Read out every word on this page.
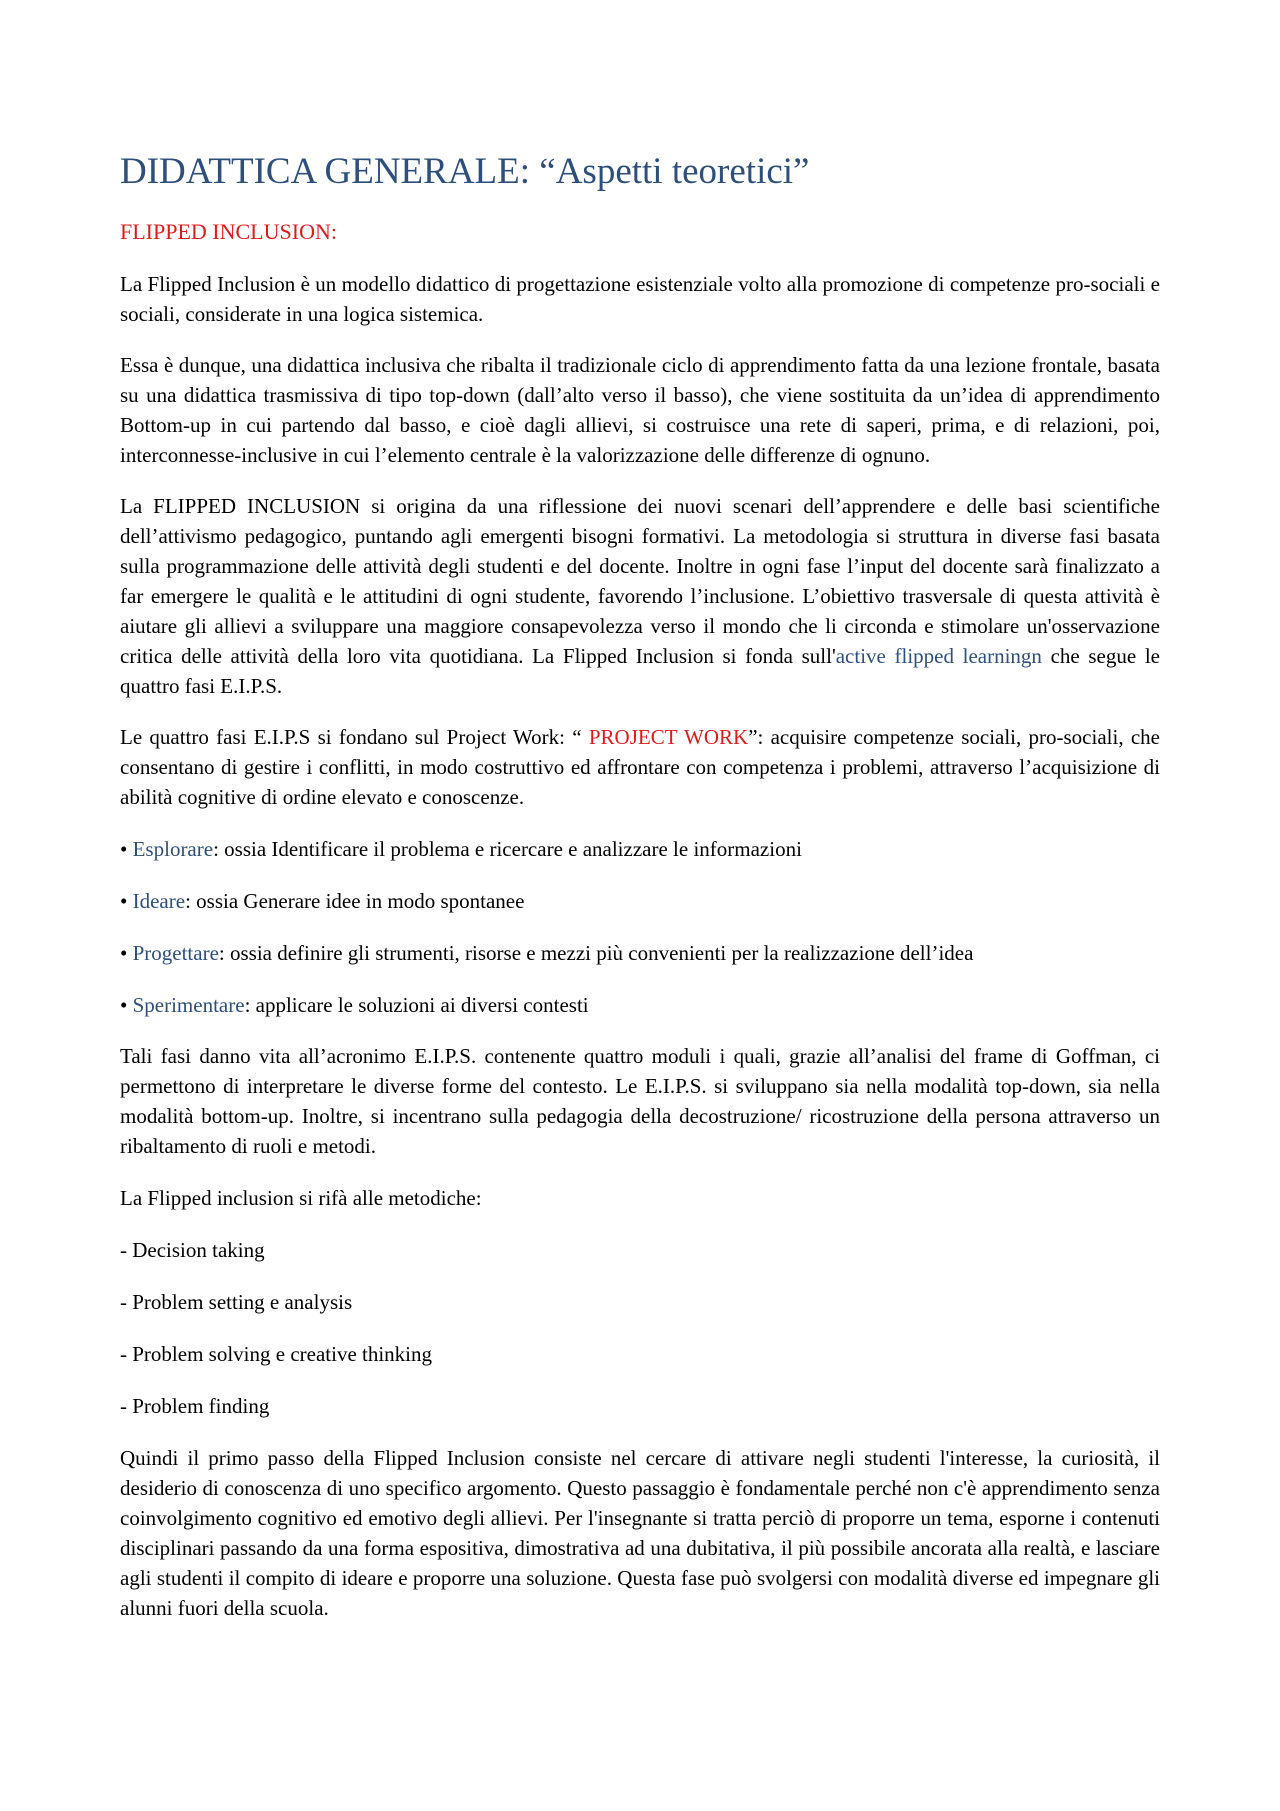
DIDATTICA GENERALE: “Aspetti teoretici”
FLIPPED INCLUSION:

La Flipped Inclusion è un modello didattico di progettazione esistenziale volto alla promozione di competenze pro-sociali e sociali, considerate in una logica sistemica.

Essa è dunque, una didattica inclusiva che ribalta il tradizionale ciclo di apprendimento fatta da una lezione frontale, basata su una didattica trasmissiva di tipo top-down (dall’alto verso il basso), che viene sostituita da un’idea di apprendimento Bottom-up in cui partendo dal basso, e cioè dagli allievi, si costruisce una rete di saperi, prima, e di relazioni, poi, interconnesse-inclusive in cui l’elemento centrale è la valorizzazione delle differenze di ognuno.

La FLIPPED INCLUSION si origina da una riflessione dei nuovi scenari dell’apprendere e delle basi scientifiche dell’attivismo pedagogico, puntando agli emergenti bisogni formativi. La metodologia si struttura in diverse fasi basata sulla programmazione delle attività degli studenti e del docente. Inoltre in ogni fase l’input del docente sarà finalizzato a far emergere le qualità e le attitudini di ogni studente, favorendo l’inclusione. L’obiettivo trasversale di questa attività è aiutare gli allievi a sviluppare una maggiore consapevolezza verso il mondo che li circonda e stimolare un'osservazione critica delle attività della loro vita quotidiana. La Flipped Inclusion si fonda sull'active flipped learningn che segue le quattro fasi E.I.P.S.

Le quattro fasi E.I.P.S si fondano sul Project Work: “ PROJECT WORK”: acquisire competenze sociali, pro-sociali, che consentano di gestire i conflitti, in modo costruttivo ed affrontare con competenza i problemi, attraverso l’acquisizione di abilità cognitive di ordine elevato e conoscenze.

• Esplorare: ossia Identificare il problema e ricercare e analizzare le informazioni

• Ideare: ossia Generare idee in modo spontanee

• Progettare: ossia definire gli strumenti, risorse e mezzi più convenienti per la realizzazione dell’idea

• Sperimentare: applicare le soluzioni ai diversi contesti

Tali fasi danno vita all’acronimo E.I.P.S. contenente quattro moduli i quali, grazie all’analisi del frame di Goffman, ci permettono di interpretare le diverse forme del contesto. Le E.I.P.S. si sviluppano sia nella modalità top-down, sia nella modalità bottom-up. Inoltre, si incentrano sulla pedagogia della decostruzione/ ricostruzione della persona attraverso un ribaltamento di ruoli e metodi.

La Flipped inclusion si rifà alle metodiche:

- Decision taking

- Problem setting e analysis

- Problem solving e creative thinking

- Problem finding

Quindi il primo passo della Flipped Inclusion consiste nel cercare di attivare negli studenti l'interesse, la curiosità, il desiderio di conoscenza di uno specifico argomento. Questo passaggio è fondamentale perché non c'è apprendimento senza coinvolgimento cognitivo ed emotivo degli allievi. Per l'insegnante si tratta perciò di proporre un tema, esporne i contenuti disciplinari passando da una forma espositiva, dimostrativa ad una dubitativa, il più possibile ancorata alla realtà, e lasciare agli studenti il compito di ideare e proporre una soluzione. Questa fase può svolgersi con modalità diverse ed impegnare gli alunni fuori della scuola.
